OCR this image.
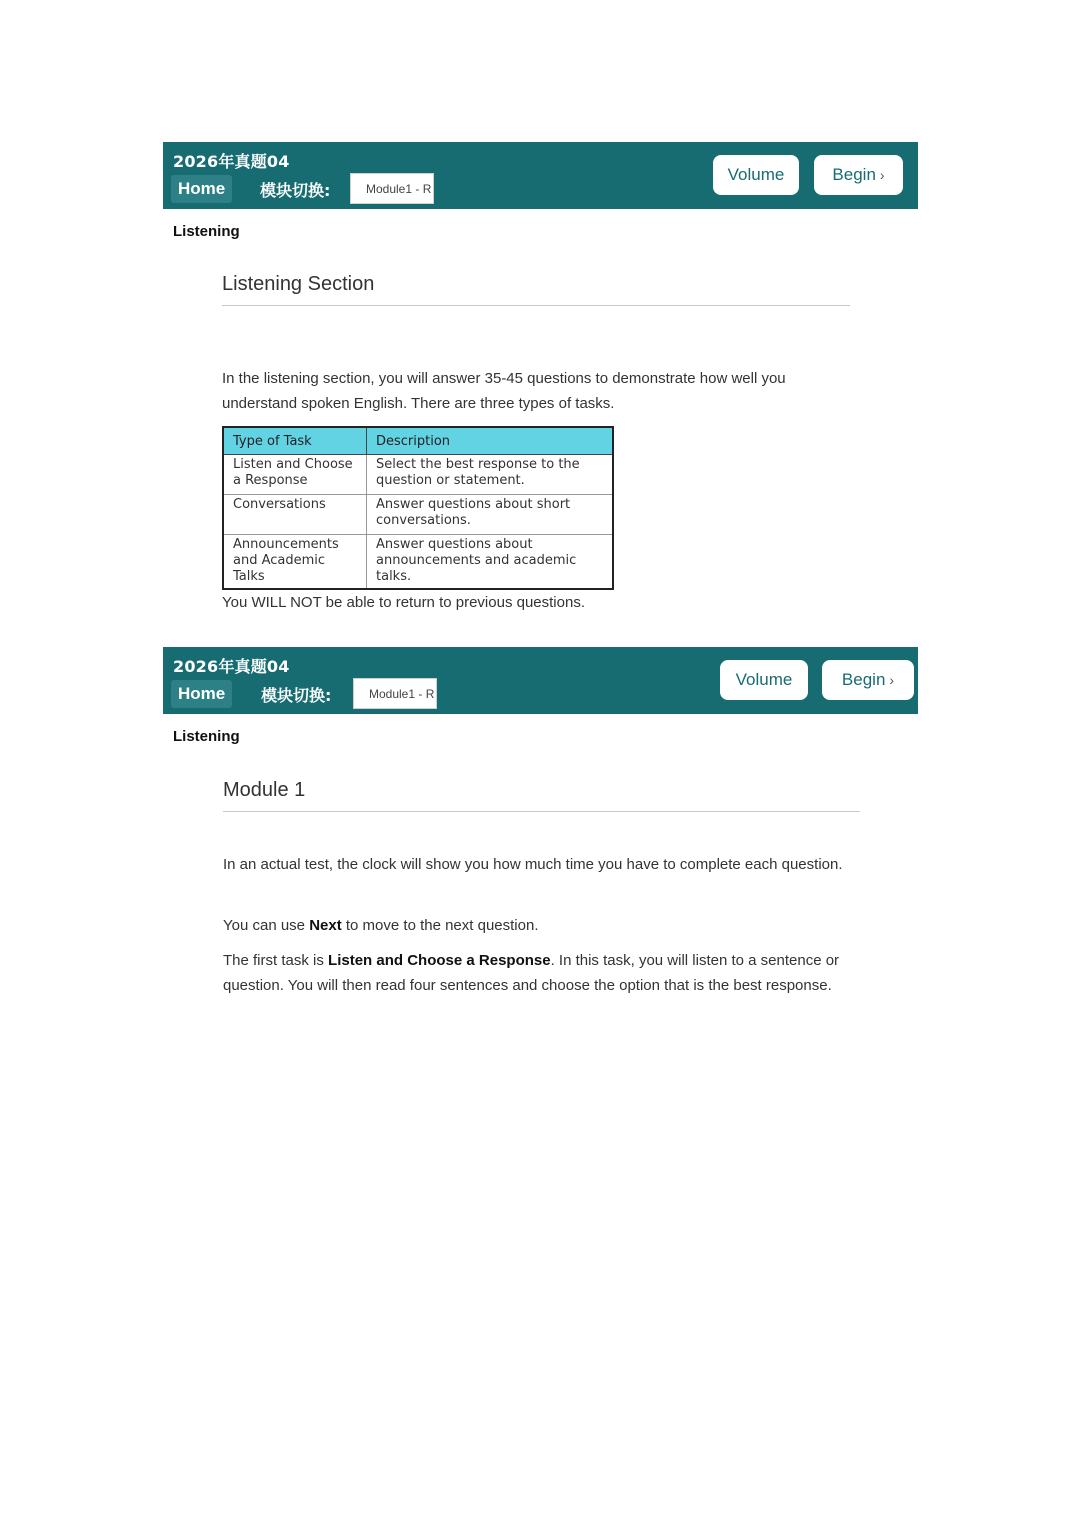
2026年真题04
Home	模块切换:	Module1 - R
Volume	Begin ›
Listening
Listening Section
In the listening section, you will answer 35-45 questions to demonstrate how well you understand spoken English. There are three types of tasks.
Type of Task	Description
Listen and Choose a Response	Select the best response to the question or statement.
Conversations	Answer questions about short conversations.
Announcements and Academic Talks	Answer questions about announcements and academic talks.
You WILL NOT be able to return to previous questions.
2026年真题04
Home	模块切换:	Module1 - R
Volume	Begin ›
Listening
Module 1
In an actual test, the clock will show you how much time you have to complete each question.
You can use Next to move to the next question.
The first task is Listen and Choose a Response. In this task, you will listen to a sentence or question. You will then read four sentences and choose the option that is the best response.
